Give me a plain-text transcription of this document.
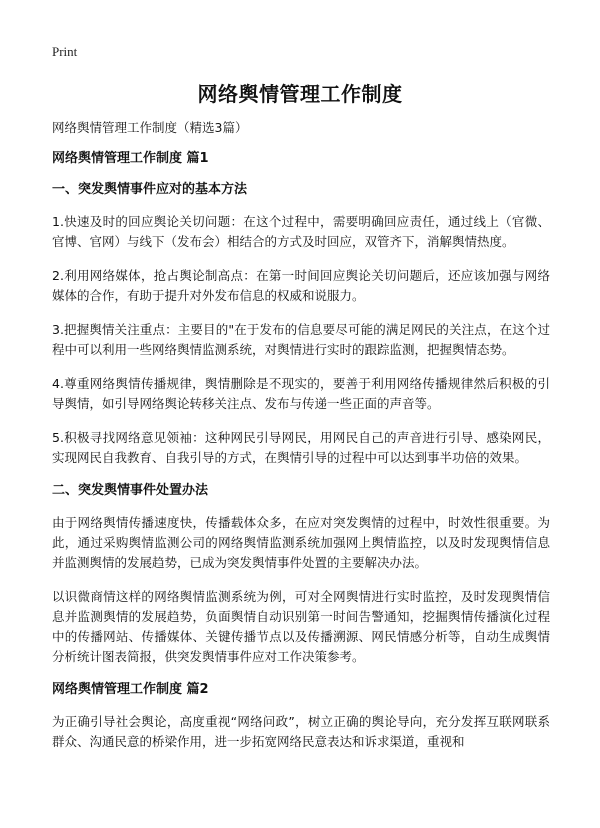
Print
网络舆情管理工作制度

网络舆情管理工作制度（精选3篇）

网络舆情管理工作制度 篇1

一、突发舆情事件应对的基本方法

1.快速及时的回应舆论关切问题：在这个过程中，需要明确回应责任，通过线上（官微、官博、官网）与线下（发布会）相结合的方式及时回应，双管齐下，消解舆情热度。

2.利用网络媒体，抢占舆论制高点：在第一时间回应舆论关切问题后，还应该加强与网络媒体的合作，有助于提升对外发布信息的权威和说服力。

3.把握舆情关注重点：主要目的"在于发布的信息要尽可能的满足网民的关注点，在这个过程中可以利用一些网络舆情监测系统，对舆情进行实时的跟踪监测，把握舆情态势。

4.尊重网络舆情传播规律，舆情删除是不现实的，要善于利用网络传播规律然后积极的引导舆情，如引导网络舆论转移关注点、发布与传递一些正面的声音等。

5.积极寻找网络意见领袖：这种网民引导网民，用网民自己的声音进行引导、感染网民，实现网民自我教育、自我引导的方式，在舆情引导的过程中可以达到事半功倍的效果。

二、突发舆情事件处置办法

由于网络舆情传播速度快，传播载体众多，在应对突发舆情的过程中，时效性很重要。为此，通过采购舆情监测公司的网络舆情监测系统加强网上舆情监控，以及时发现舆情信息并监测舆情的发展趋势，已成为突发舆情事件处置的主要解决办法。

以识微商情这样的网络舆情监测系统为例，可对全网舆情进行实时监控，及时发现舆情信息并监测舆情的发展趋势，负面舆情自动识别第一时间告警通知，挖掘舆情传播演化过程中的传播网站、传播媒体、关键传播节点以及传播溯源、网民情感分析等，自动生成舆情分析统计图表简报，供突发舆情事件应对工作决策参考。

网络舆情管理工作制度 篇2

为正确引导社会舆论，高度重视“网络问政”，树立正确的舆论导向，充分发挥互联网联系群众、沟通民意的桥梁作用，进一步拓宽网络民意表达和诉求渠道，重视和
